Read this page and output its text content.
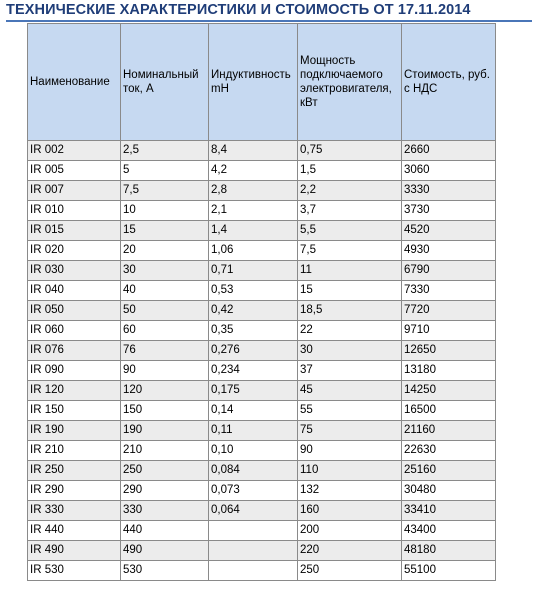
ТЕХНИЧЕСКИЕ ХАРАКТЕРИСТИКИ И СТОИМОСТЬ ОТ 17.11.2014
Наименование	Номинальный ток, А	Индуктивность mH	Мощность подключаемого электровигателя, кВт	Стоимость, руб. с НДС
IR 002	2,5	8,4	0,75	2660
IR 005	5	4,2	1,5	3060
IR 007	7,5	2,8	2,2	3330
IR 010	10	2,1	3,7	3730
IR 015	15	1,4	5,5	4520
IR 020	20	1,06	7,5	4930
IR 030	30	0,71	11	6790
IR 040	40	0,53	15	7330
IR 050	50	0,42	18,5	7720
IR 060	60	0,35	22	9710
IR 076	76	0,276	30	12650
IR 090	90	0,234	37	13180
IR 120	120	0,175	45	14250
IR 150	150	0,14	55	16500
IR 190	190	0,11	75	21160
IR 210	210	0,10	90	22630
IR 250	250	0,084	110	25160
IR 290	290	0,073	132	30480
IR 330	330	0,064	160	33410
IR 440	440		200	43400
IR 490	490		220	48180
IR 530	530		250	55100
